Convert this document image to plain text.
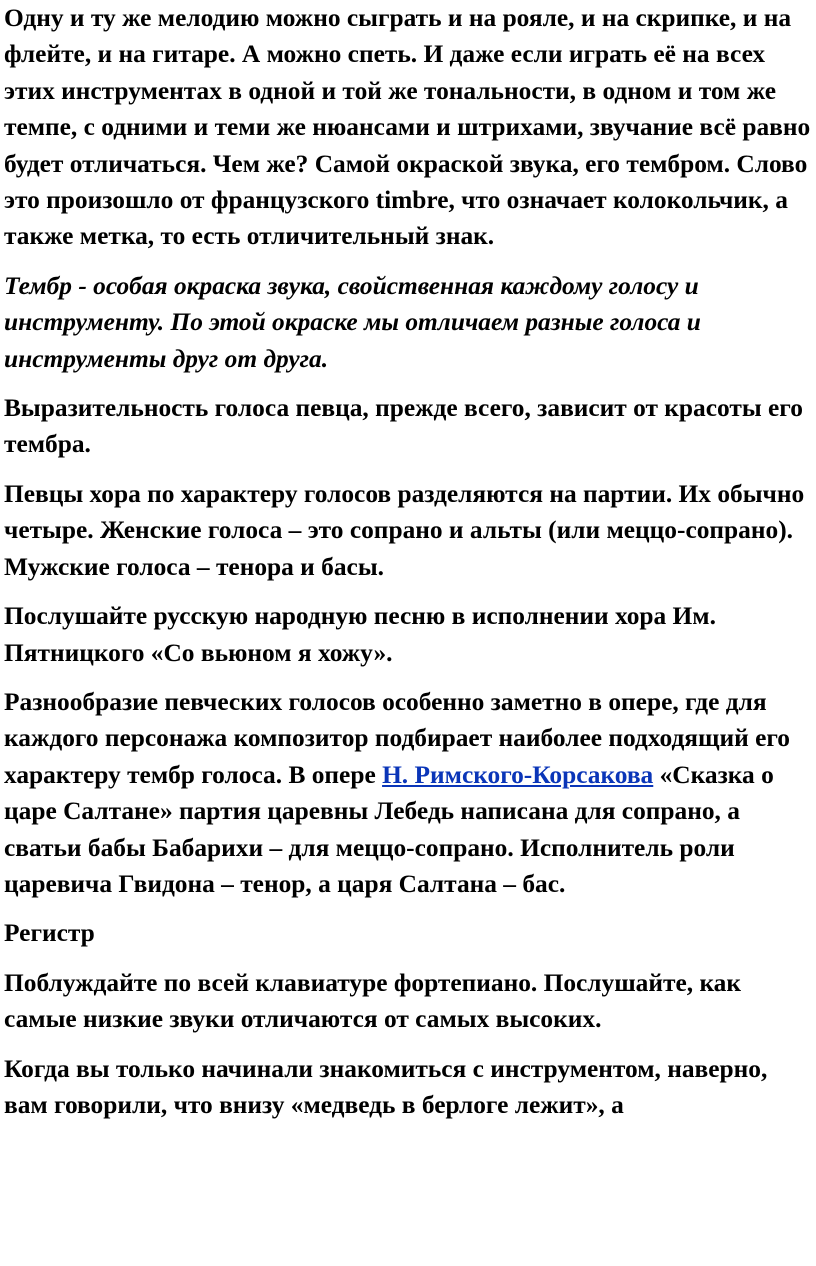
Одну и ту же мелодию можно сыграть и на рояле, и на скрипке, и на флейте, и на гитаре. А можно спеть. И даже если играть её на всех этих инструментах в одной и той же тональности, в одном и том же темпе, с одними и теми же нюансами и штрихами, звучание всё равно будет отличаться. Чем же? Самой окраской звука, его тембром. Слово это произошло от французского timbre, что означает колокольчик, а также метка, то есть отличительный знак.

Тембр - особая окраска звука, свойственная каждому голосу и инструменту. По этой окраске мы отличаем разные голоса и инструменты друг от друга.

Выразительность голоса певца, прежде всего, зависит от красоты его тембра.

Певцы хора по характеру голосов разделяются на партии. Их обычно четыре. Женские голоса – это сопрано и альты (или меццо-сопрано). Мужские голоса – тенора и басы.

Послушайте русскую народную песню в исполнении хора Им. Пятницкого «Со вьюном я хожу».

Разнообразие певческих голосов особенно заметно в опере, где для каждого персонажа композитор подбирает наиболее подходящий его характеру тембр голоса. В опере Н. Римского-Корсакова «Сказка о царе Салтане» партия царевны Лебедь написана для сопрано, а сватьи бабы Бабарихи – для меццо-сопрано. Исполнитель роли царевича Гвидона – тенор, а царя Салтана – бас.

Регистр

Поблуждайте по всей клавиатуре фортепиано. Послушайте, как самые низкие звуки отличаются от самых высоких.

Когда вы только начинали знакомиться с инструментом, наверно, вам говорили, что внизу «медведь в берлоге лежит», а
